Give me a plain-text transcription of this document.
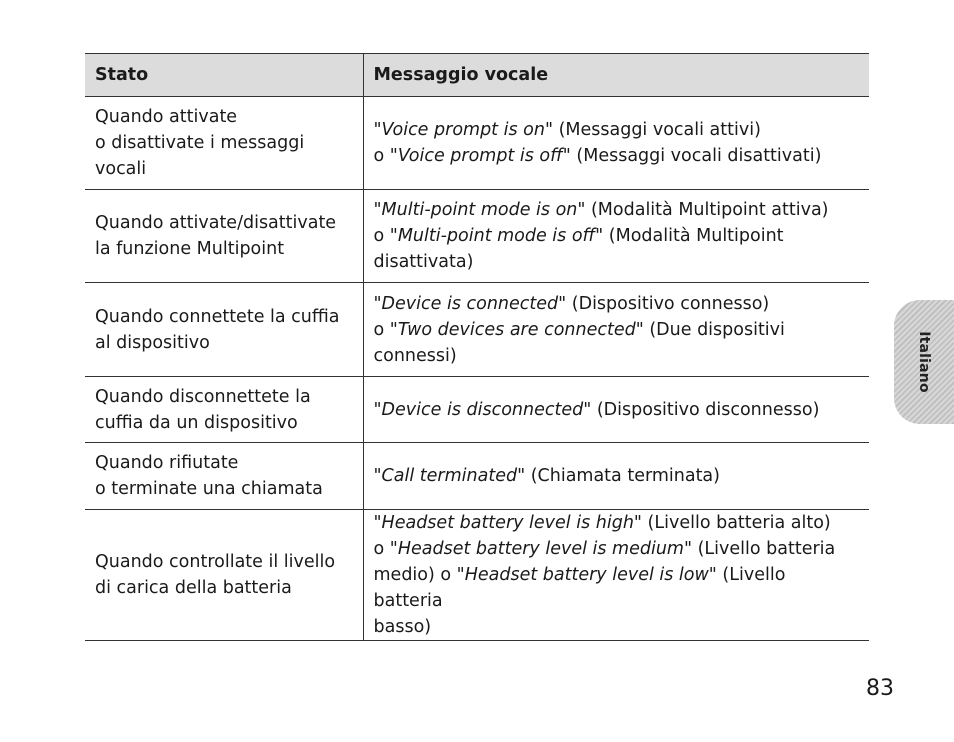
Stato	Messaggio vocale

Quando attivate
o disattivate i messaggi
vocali	"Voice prompt is on" (Messaggi vocali attivi)
o "Voice prompt is off" (Messaggi vocali disattivati)

Quando attivate/disattivate
la funzione Multipoint	"Multi-point mode is on" (Modalità Multipoint attiva)
o "Multi-point mode is off" (Modalità Multipoint
disattivata)

Quando connettete la cuffia
al dispositivo	"Device is connected" (Dispositivo connesso)
o "Two devices are connected" (Due dispositivi
connessi)

Quando disconnettete la
cuffia da un dispositivo	"Device is disconnected" (Dispositivo disconnesso)

Quando rifiutate
o terminate una chiamata	"Call terminated" (Chiamata terminata)

Quando controllate il livello
di carica della batteria	"Headset battery level is high" (Livello batteria alto)
o "Headset battery level is medium" (Livello batteria
medio) o "Headset battery level is low" (Livello batteria
basso)
Italiano
83
